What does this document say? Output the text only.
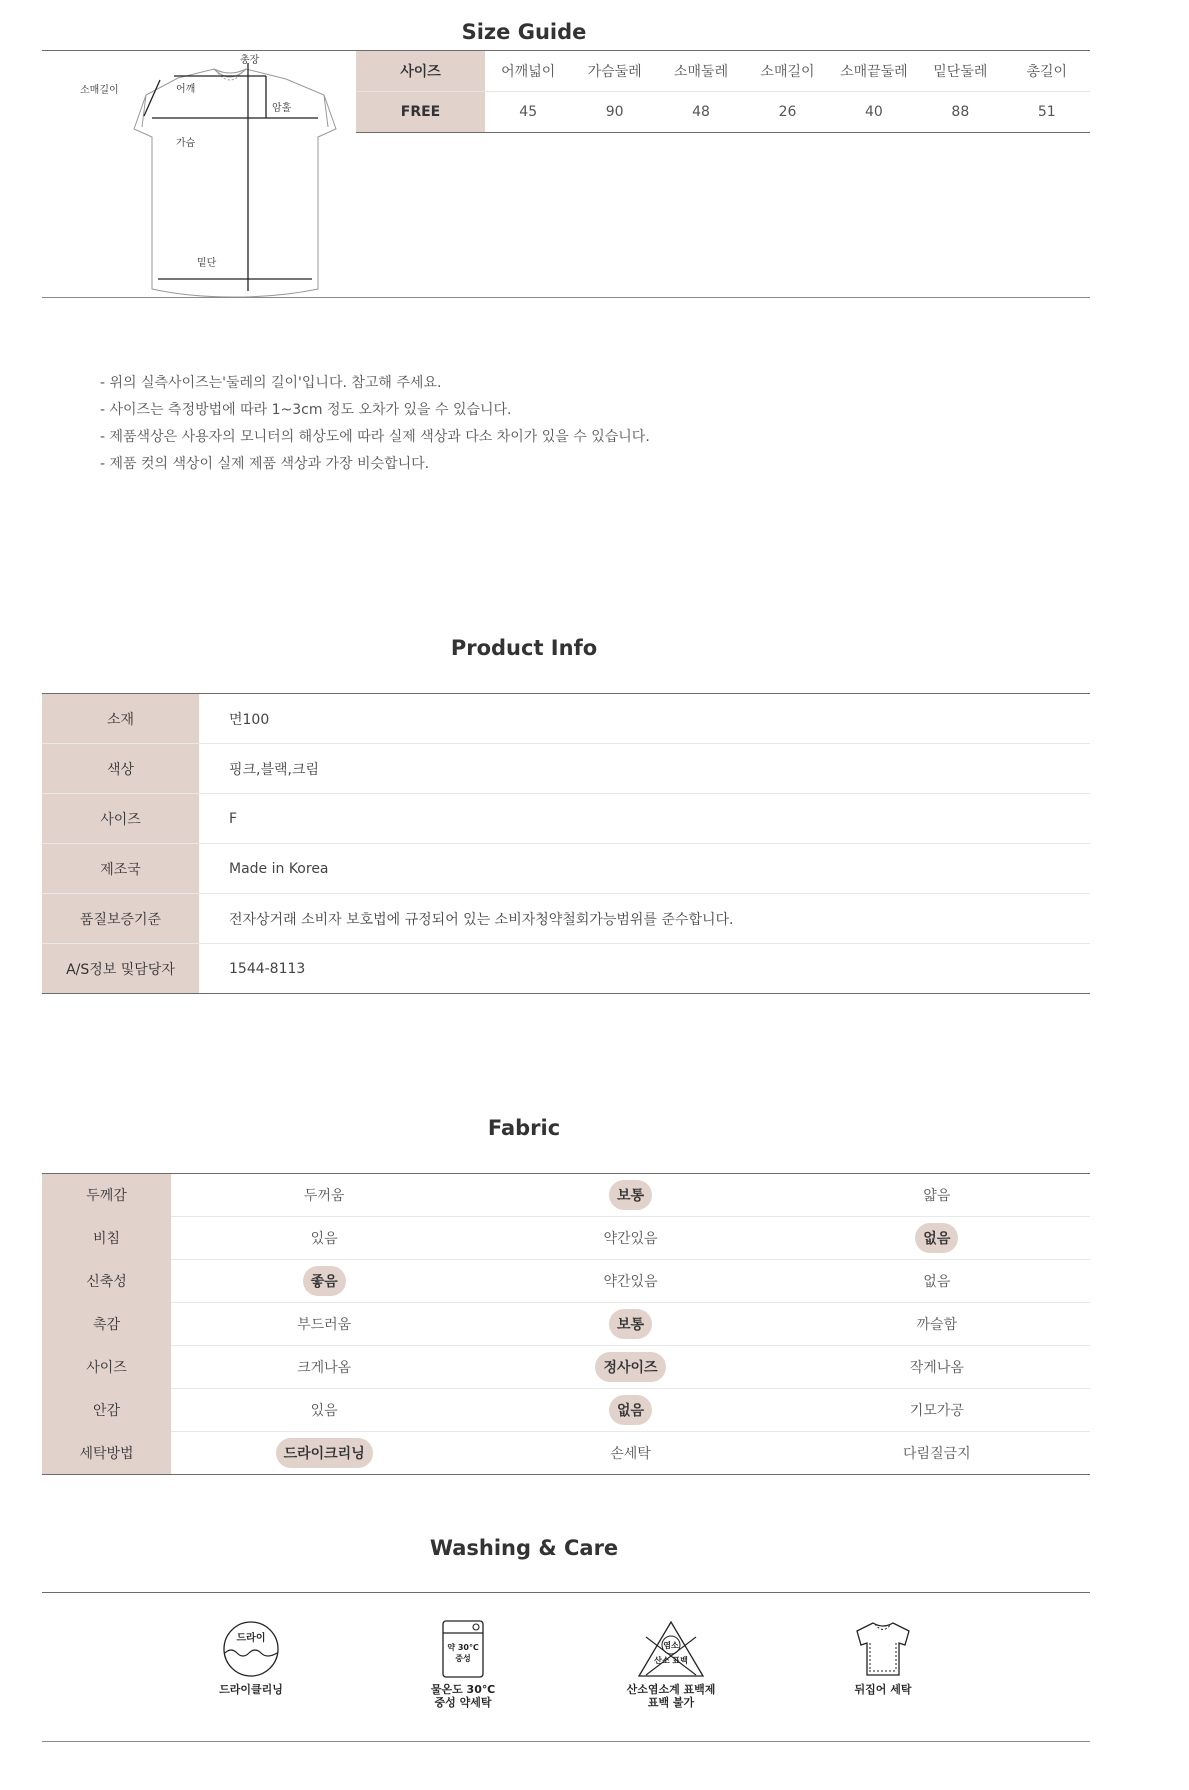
Size Guide
총장
소매길이	어깨
암홀
가슴
밑단
사이즈	어깨넓이	가슴둘레	소매둘레	소매길이	소매끝둘레	밑단둘레	총길이
FREE	45	90	48	26	40	88	51
- 위의 실측사이즈는'둘레의 길이'입니다. 참고해 주세요.
- 사이즈는 측정방법에 따라 1~3cm 정도 오차가 있을 수 있습니다.
- 제품색상은 사용자의 모니터의 해상도에 따라 실제 색상과 다소 차이가 있을 수 있습니다.
- 제품 컷의 색상이 실제 제품 색상과 가장 비슷합니다.
Product Info
소재	면100
색상	핑크,블랙,크림
사이즈	F
제조국	Made in Korea
품질보증기준	전자상거래 소비자 보호법에 규정되어 있는 소비자청약철회가능범위를 준수합니다.
A/S정보 및담당자	1544-8113
Fabric
두께감	두꺼움	보통	얇음
비침	있음	약간있음	없음
신축성	좋음	약간있음	없음
촉감	부드러움	보통	까슬함
사이즈	크게나옴	정사이즈	작게나옴
안감	있음	없음	기모가공
세탁방법	드라이크리닝	손세탁	다림질금지
Washing & Care
드라이
드라이클리닝
약 30℃ 중성
물온도 30℃
중성 약세탁
염소
산소 표백
산소염소계 표백제
표백 불가
뒤집어 세탁
